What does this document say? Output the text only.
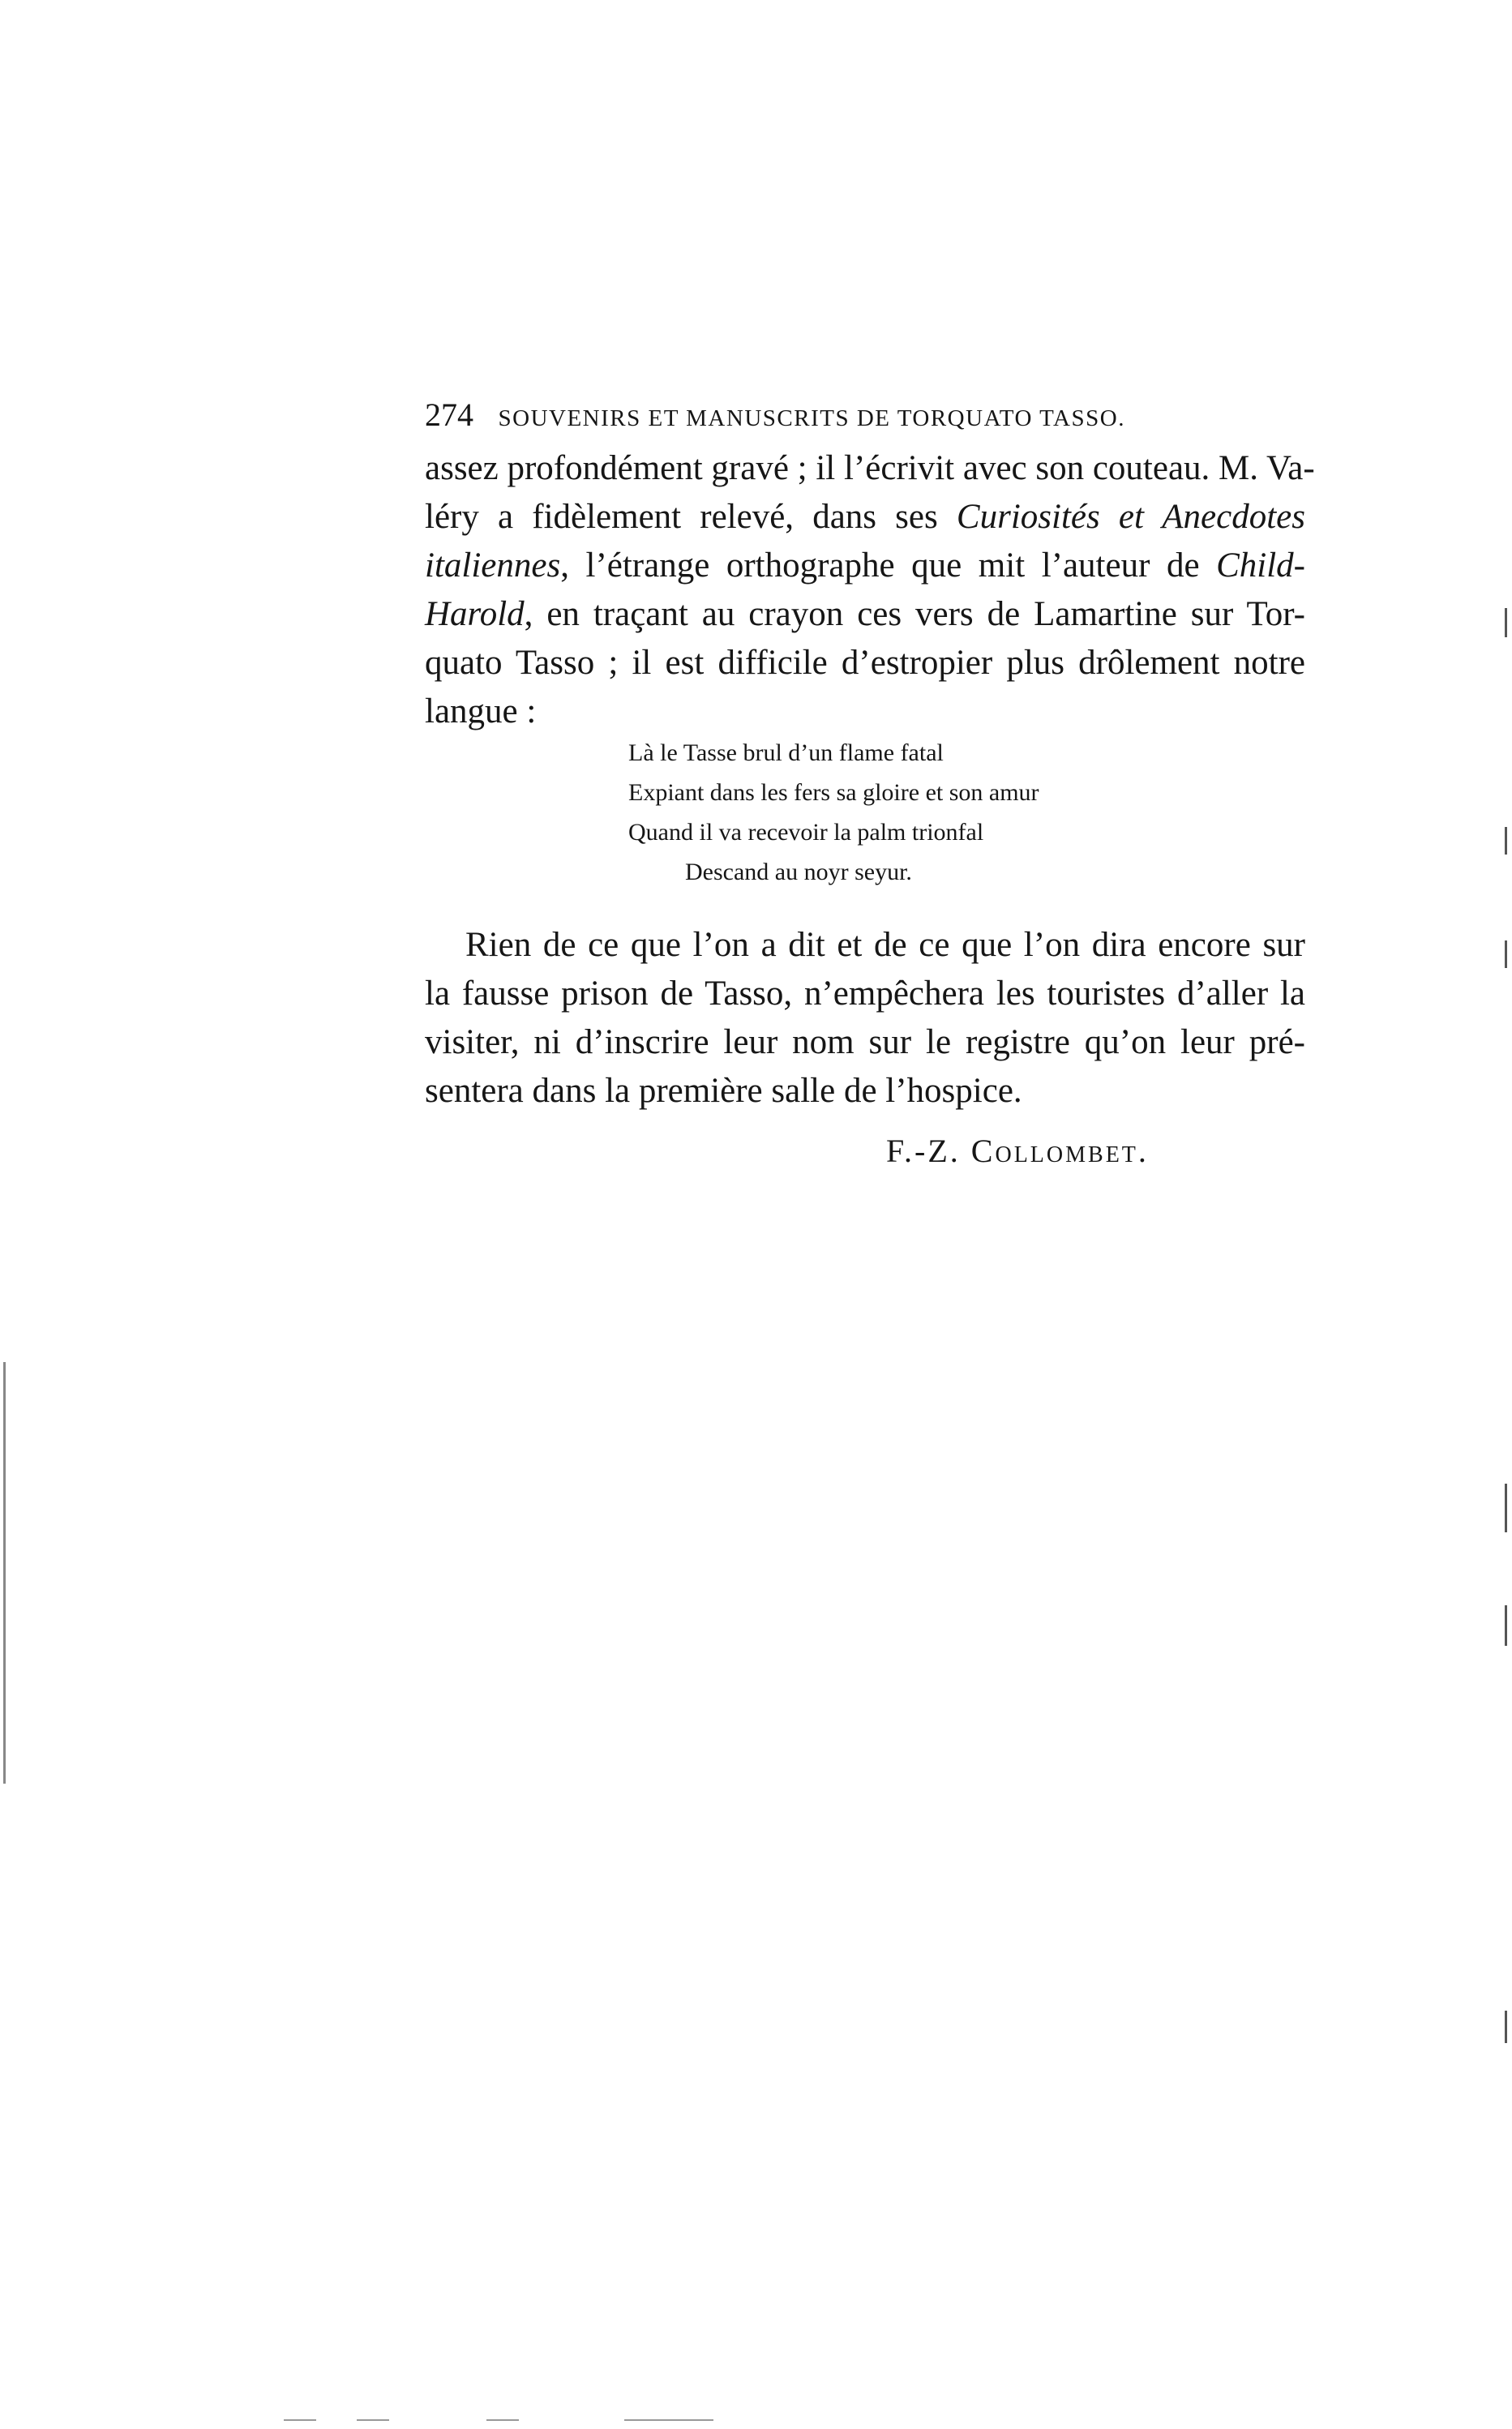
274 SOUVENIRS ET MANUSCRITS DE TORQUATO TASSO.
assez profondément gravé ; il l’écrivit avec son couteau. M. Va-
léry a fidèlement relevé, dans ses Curiosités et Anecdotes
italiennes, l’étrange orthographe que mit l’auteur de Child-
Harold, en traçant au crayon ces vers de Lamartine sur Tor-
quato Tasso ; il est difficile d’estropier plus drôlement notre
langue :
Là le Tasse brul d’un flame fatal
Expiant dans les fers sa gloire et son amur
Quand il va recevoir la palm trionfal
Descand au noyr seyur.
Rien de ce que l’on a dit et de ce que l’on dira encore sur
la fausse prison de Tasso, n’empêchera les touristes d’aller la
visiter, ni d’inscrire leur nom sur le registre qu’on leur pré-
sentera dans la première salle de l’hospice.
F.-Z. Collombet.
